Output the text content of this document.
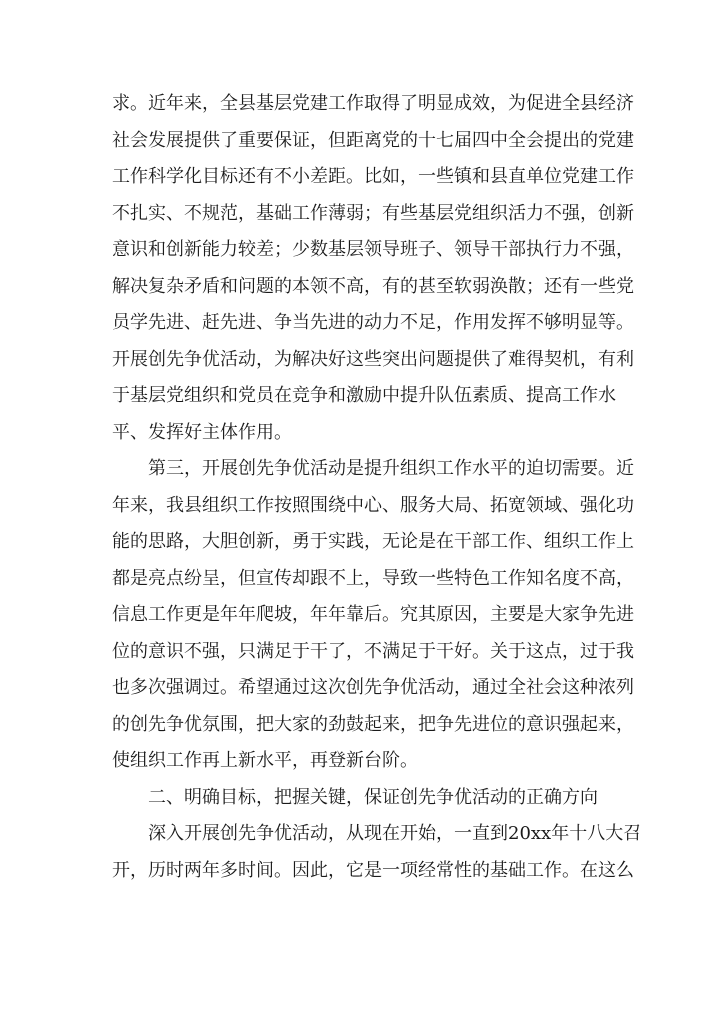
求。近年来，全县基层党建工作取得了明显成效，为促进全县经济
社会发展提供了重要保证，但距离党的十七届四中全会提出的党建
工作科学化目标还有不小差距。比如，一些镇和县直单位党建工作
不扎实、不规范，基础工作薄弱；有些基层党组织活力不强，创新
意识和创新能力较差；少数基层领导班子、领导干部执行力不强，
解决复杂矛盾和问题的本领不高，有的甚至软弱涣散；还有一些党
员学先进、赶先进、争当先进的动力不足，作用发挥不够明显等。
开展创先争优活动，为解决好这些突出问题提供了难得契机，有利
于基层党组织和党员在竞争和激励中提升队伍素质、提高工作水
平、发挥好主体作用。
第三，开展创先争优活动是提升组织工作水平的迫切需要。近
年来，我县组织工作按照围绕中心、服务大局、拓宽领域、强化功
能的思路，大胆创新，勇于实践，无论是在干部工作、组织工作上
都是亮点纷呈，但宣传却跟不上，导致一些特色工作知名度不高，
信息工作更是年年爬坡，年年靠后。究其原因，主要是大家争先进
位的意识不强，只满足于干了，不满足于干好。关于这点，过于我
也多次强调过。希望通过这次创先争优活动，通过全社会这种浓列
的创先争优氛围，把大家的劲鼓起来，把争先进位的意识强起来，
使组织工作再上新水平，再登新台阶。
二、明确目标，把握关键，保证创先争优活动的正确方向
深入开展创先争优活动，从现在开始，一直到20xx年十八大召
开，历时两年多时间。因此，它是一项经常性的基础工作。在这么
